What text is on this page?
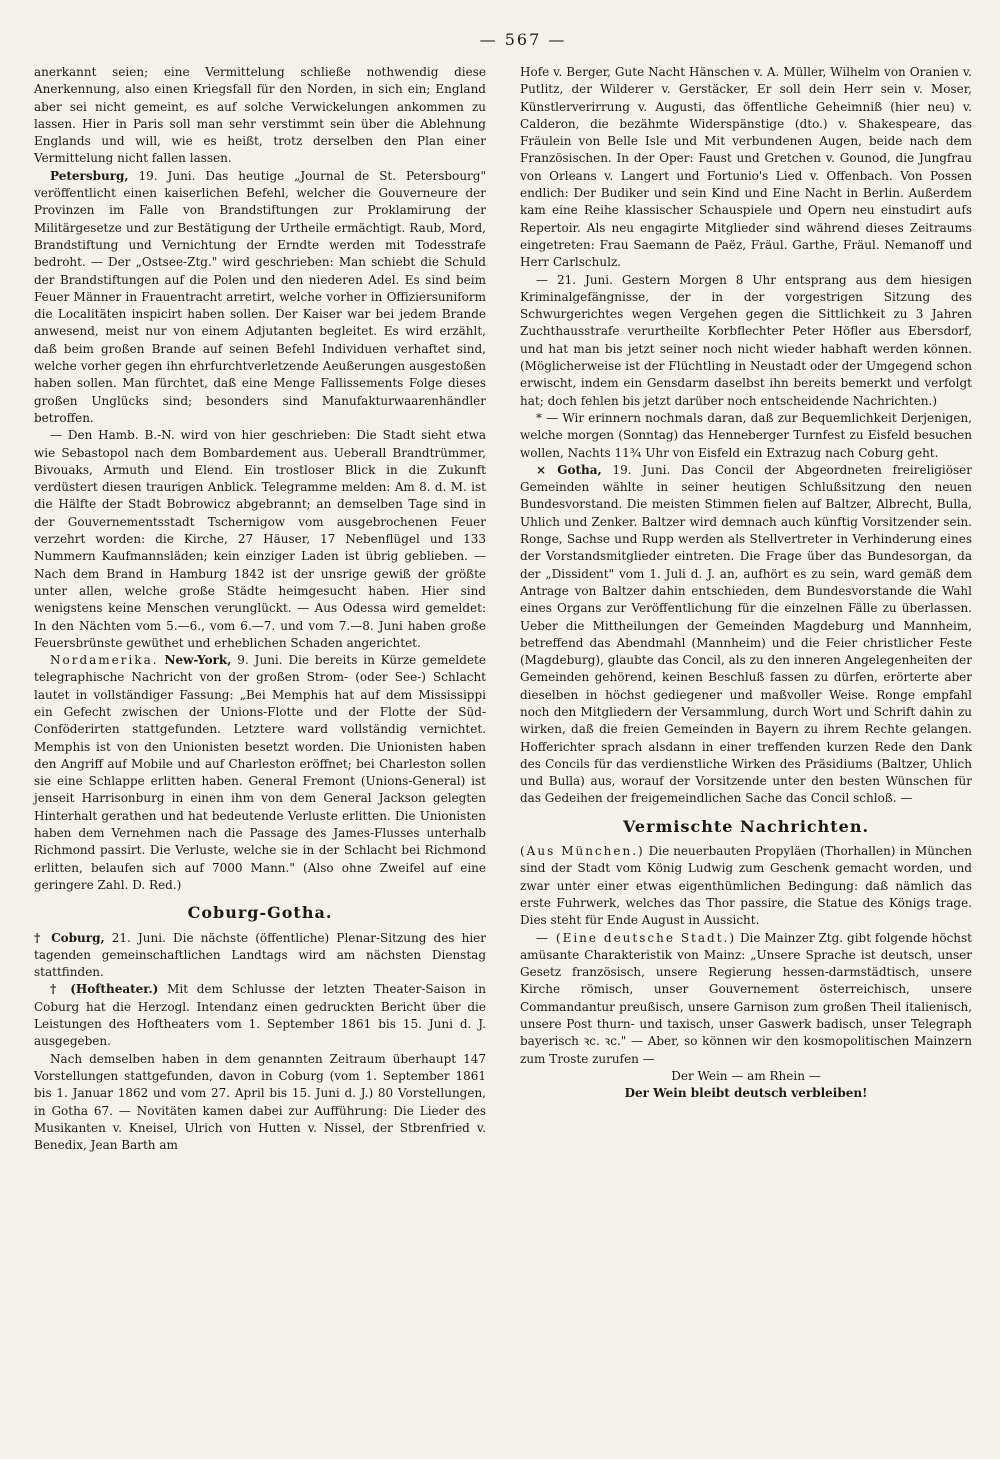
— 567 —

anerkannt seien; eine Vermittelung schließe nothwendig diese Anerkennung, also einen Kriegsfall für den Norden, in sich ein; England aber sei nicht gemeint, es auf solche Verwickelungen ankommen zu lassen. Hier in Paris soll man sehr verstimmt sein über die Ablehnung Englands und will, wie es heißt, trotz derselben den Plan einer Vermittelung nicht fallen lassen.

Petersburg, 19. Juni. Das heutige „Journal de St. Petersbourg" veröffentlicht einen kaiserlichen Befehl, welcher die Gouverneure der Provinzen im Falle von Brandstiftungen zur Proklamirung der Militärgesetze und zur Bestätigung der Urtheile ermächtigt. Raub, Mord, Brandstiftung und Vernichtung der Erndte werden mit Todesstrafe bedroht. — Der „Ostsee-Ztg." wird geschrieben: Man schiebt die Schuld der Brandstiftungen auf die Polen und den niederen Adel. Es sind beim Feuer Männer in Frauentracht arretirt, welche vorher in Offiziersuniform die Localitäten inspicirt haben sollen. Der Kaiser war bei jedem Brande anwesend, meist nur von einem Adjutanten begleitet. Es wird erzählt, daß beim großen Brande auf seinen Befehl Individuen verhaftet sind, welche vorher gegen ihn ehrfurchtverletzende Aeußerungen ausgestoßen haben sollen. Man fürchtet, daß eine Menge Fallissements Folge dieses großen Unglücks sind; besonders sind Manufakturwaarenhändler betroffen.

— Den Hamb. B.-N. wird von hier geschrieben: Die Stadt sieht etwa wie Sebastopol nach dem Bombardement aus. Ueberall Brandtrümmer, Bivouaks, Armuth und Elend. Ein trostloser Blick in die Zukunft verdüstert diesen traurigen Anblick. Telegramme melden: Am 8. d. M. ist die Hälfte der Stadt Bobrowicz abgebrannt; an demselben Tage sind in der Gouvernementsstadt Tschernigow vom ausgebrochenen Feuer verzehrt worden: die Kirche, 27 Häuser, 17 Nebenflügel und 133 Nummern Kaufmannsläden; kein einziger Laden ist übrig geblieben. — Nach dem Brand in Hamburg 1842 ist der unsrige gewiß der größte unter allen, welche große Städte heimgesucht haben. Hier sind wenigstens keine Menschen verunglückt. — Aus Odessa wird gemeldet: In den Nächten vom 5.—6., vom 6.—7. und vom 7.—8. Juni haben große Feuersbrünste gewüthet und erheblichen Schaden angerichtet.

Nordamerika. New-York, 9. Juni. Die bereits in Kürze gemeldete telegraphische Nachricht von der großen Strom- (oder See-) Schlacht lautet in vollständiger Fassung: „Bei Memphis hat auf dem Mississippi ein Gefecht zwischen der Unions-Flotte und der Flotte der Süd-Conföderirten stattgefunden. Letztere ward vollständig vernichtet. Memphis ist von den Unionisten besetzt worden. Die Unionisten haben den Angriff auf Mobile und auf Charleston eröffnet; bei Charleston sollen sie eine Schlappe erlitten haben. General Fremont (Unions-General) ist jenseit Harrisonburg in einen ihm von dem General Jackson gelegten Hinterhalt gerathen und hat bedeutende Verluste erlitten. Die Unionisten haben dem Vernehmen nach die Passage des James-Flusses unterhalb Richmond passirt. Die Verluste, welche sie in der Schlacht bei Richmond erlitten, belaufen sich auf 7000 Mann." (Also ohne Zweifel auf eine geringere Zahl. D. Red.)

Coburg-Gotha.

† Coburg, 21. Juni. Die nächste (öffentliche) Plenar-Sitzung des hier tagenden gemeinschaftlichen Landtags wird am nächsten Dienstag stattfinden.

† (Hoftheater.) Mit dem Schlusse der letzten Theater-Saison in Coburg hat die Herzogl. Intendanz einen gedruckten Bericht über die Leistungen des Hoftheaters vom 1. September 1861 bis 15. Juni d. J. ausgegeben.

Nach demselben haben in dem genannten Zeitraum überhaupt 147 Vorstellungen stattgefunden, davon in Coburg (vom 1. September 1861 bis 1. Januar 1862 und vom 27. April bis 15. Juni d. J.) 80 Vorstellungen, in Gotha 67. — Novitäten kamen dabei zur Aufführung: Die Lieder des Musikanten v. Kneisel, Ulrich von Hutten v. Nissel, der Stbrenfried v. Benedix, Jean Barth am

Hofe v. Berger, Gute Nacht Hänschen v. A. Müller, Wilhelm von Oranien v. Putlitz, der Wilderer v. Gerstäcker, Er soll dein Herr sein v. Moser, Künstlerverirrung v. Augusti, das öffentliche Geheimniß (hier neu) v. Calderon, die bezähmte Widerspänstige (dto.) v. Shakespeare, das Fräulein von Belle Isle und Mit verbundenen Augen, beide nach dem Französischen. In der Oper: Faust und Gretchen v. Gounod, die Jungfrau von Orleans v. Langert und Fortunio's Lied v. Offenbach. Von Possen endlich: Der Budiker und sein Kind und Eine Nacht in Berlin. Außerdem kam eine Reihe klassischer Schauspiele und Opern neu einstudirt aufs Repertoir. Als neu engagirte Mitglieder sind während dieses Zeitraums eingetreten: Frau Saemann de Paëz, Fräul. Garthe, Fräul. Nemanoff und Herr Carlschulz.

— 21. Juni. Gestern Morgen 8 Uhr entsprang aus dem hiesigen Kriminalgefängnisse, der in der vorgestrigen Sitzung des Schwurgerichtes wegen Vergehen gegen die Sittlichkeit zu 3 Jahren Zuchthausstrafe verurtheilte Korbflechter Peter Höfler aus Ebersdorf, und hat man bis jetzt seiner noch nicht wieder habhaft werden können. (Möglicherweise ist der Flüchtling in Neustadt oder der Umgegend schon erwischt, indem ein Gensdarm daselbst ihn bereits bemerkt und verfolgt hat; doch fehlen bis jetzt darüber noch entscheidende Nachrichten.)

* — Wir erinnern nochmals daran, daß zur Bequemlichkeit Derjenigen, welche morgen (Sonntag) das Henneberger Turnfest zu Eisfeld besuchen wollen, Nachts 11¾ Uhr von Eisfeld ein Extrazug nach Coburg geht.

⨯ Gotha, 19. Juni. Das Concil der Abgeordneten freireligiöser Gemeinden wählte in seiner heutigen Schlußsitzung den neuen Bundesvorstand. Die meisten Stimmen fielen auf Baltzer, Albrecht, Bulla, Uhlich und Zenker. Baltzer wird demnach auch künftig Vorsitzender sein. Ronge, Sachse und Rupp werden als Stellvertreter in Verhinderung eines der Vorstandsmitglieder eintreten. Die Frage über das Bundesorgan, da der „Dissident" vom 1. Juli d. J. an, aufhört es zu sein, ward gemäß dem Antrage von Baltzer dahin entschieden, dem Bundesvorstande die Wahl eines Organs zur Veröffentlichung für die einzelnen Fälle zu überlassen. Ueber die Mittheilungen der Gemeinden Magdeburg und Mannheim, betreffend das Abendmahl (Mannheim) und die Feier christlicher Feste (Magdeburg), glaubte das Concil, als zu den inneren Angelegenheiten der Gemeinden gehörend, keinen Beschluß fassen zu dürfen, erörterte aber dieselben in höchst gediegener und maßvoller Weise. Ronge empfahl noch den Mitgliedern der Versammlung, durch Wort und Schrift dahin zu wirken, daß die freien Gemeinden in Bayern zu ihrem Rechte gelangen. Hofferichter sprach alsdann in einer treffenden kurzen Rede den Dank des Concils für das verdienstliche Wirken des Präsidiums (Baltzer, Uhlich und Bulla) aus, worauf der Vorsitzende unter den besten Wünschen für das Gedeihen der freigemeindlichen Sache das Concil schloß. —

Vermischte Nachrichten.

(Aus München.) Die neuerbauten Propyläen (Thorhallen) in München sind der Stadt vom König Ludwig zum Geschenk gemacht worden, und zwar unter einer etwas eigenthümlichen Bedingung: daß nämlich das erste Fuhrwerk, welches das Thor passire, die Statue des Königs trage. Dies steht für Ende August in Aussicht.

— (Eine deutsche Stadt.) Die Mainzer Ztg. gibt folgende höchst amüsante Charakteristik von Mainz: „Unsere Sprache ist deutsch, unser Gesetz französisch, unsere Regierung hessen-darmstädtisch, unsere Kirche römisch, unser Gouvernement österreichisch, unsere Commandantur preußisch, unsere Garnison zum großen Theil italienisch, unsere Post thurn- und taxisch, unser Gaswerk badisch, unser Telegraph bayerisch ꝛc. ꝛc." — Aber, so können wir den kosmopolitischen Mainzern zum Troste zurufen —

Der Wein — am Rhein —

Der Wein bleibt deutsch verbleiben!
